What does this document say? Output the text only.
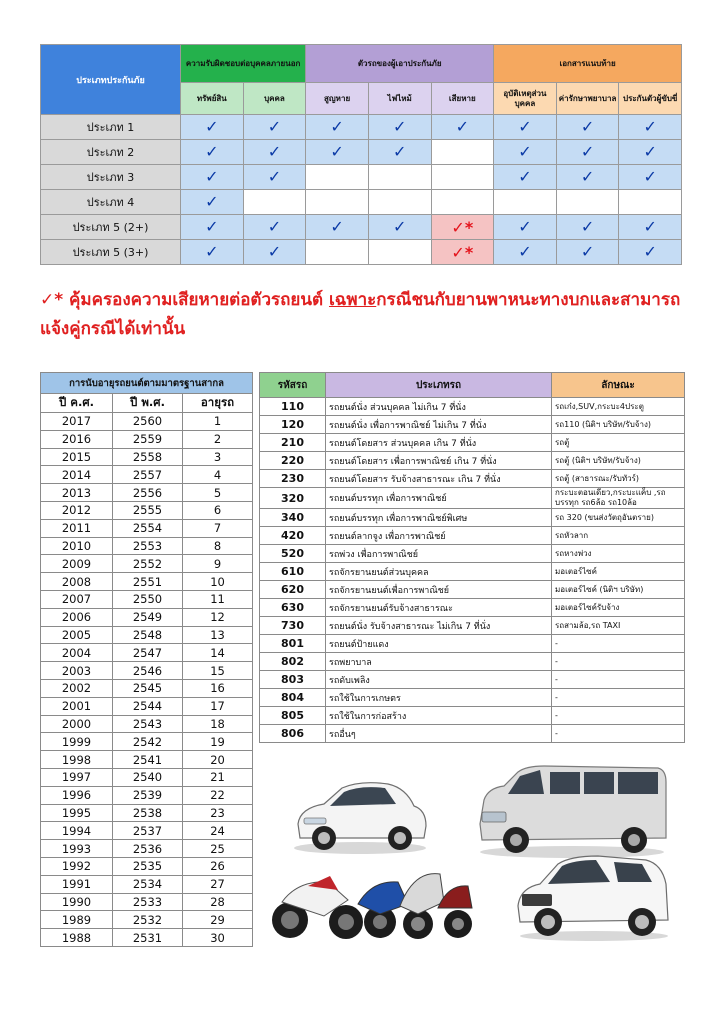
ประเภทประกันภัย	ความรับผิดชอบต่อบุคคลภายนอก		ตัวรถของผู้เอาประกันภัย			เอกสารแนบท้าย		
	ทรัพย์สิน	บุคคล	สูญหาย	ไฟไหม้	เสียหาย	อุบัติเหตุส่วนบุคคล	ค่ารักษาพยาบาล	ประกันตัวผู้ขับขี่
ประเภท 1	✓	✓	✓	✓	✓	✓	✓	✓
ประเภท 2	✓	✓	✓	✓		✓	✓	✓
ประเภท 3	✓	✓				✓	✓	✓
ประเภท 4	✓							
ประเภท 5 (2+)	✓	✓	✓	✓	✓*	✓	✓	✓
ประเภท 5 (3+)	✓	✓			✓*	✓	✓	✓
✓* คุ้มครองความเสียหายต่อตัวรถยนต์ เฉพาะกรณีชนกับยานพาหนะทางบกและสามารถแจ้งคู่กรณีได้เท่านั้น
การนับอายุรถยนต์ตามมาตรฐานสากล		
ปี ค.ศ.	ปี พ.ศ.	อายุรถ
2017	2560	1
2016	2559	2
2015	2558	3
2014	2557	4
2013	2556	5
2012	2555	6
2011	2554	7
2010	2553	8
2009	2552	9
2008	2551	10
2007	2550	11
2006	2549	12
2005	2548	13
2004	2547	14
2003	2546	15
2002	2545	16
2001	2544	17
2000	2543	18
1999	2542	19
1998	2541	20
1997	2540	21
1996	2539	22
1995	2538	23
1994	2537	24
1993	2536	25
1992	2535	26
1991	2534	27
1990	2533	28
1989	2532	29
1988	2531	30
รหัสรถ	ประเภทรถ	ลักษณะ
110	รถยนต์นั่ง ส่วนบุคคล ไม่เกิน 7 ที่นั่ง	รถเก๋ง,SUV,กระบะ4ประตู
120	รถยนต์นั่ง เพื่อการพาณิชย์ ไม่เกิน 7 ที่นั่ง	รถ110 (นิติฯ บริษัท/รับจ้าง)
210	รถยนต์โดยสาร ส่วนบุคคล เกิน 7 ที่นั่ง	รถตู้
220	รถยนต์โดยสาร เพื่อการพาณิชย์ เกิน 7 ที่นั่ง	รถตู้ (นิติฯ บริษัท/รับจ้าง)
230	รถยนต์โดยสาร รับจ้างสาธารณะ เกิน 7 ที่นั่ง	รถตู้ (สาธารณะ/รับทัวร์)
320	รถยนต์บรรทุก เพื่อการพาณิชย์	กระบะตอนเดียว,กระบะแค็บ ,รถบรรทุก รถ6ล้อ รถ10ล้อ
340	รถยนต์บรรทุก เพื่อการพาณิชย์พิเศษ	รถ 320 (ขนส่งวัตถุอันตราย)
420	รถยนต์ลากจูง เพื่อการพาณิชย์	รถหัวลาก
520	รถพ่วง เพื่อการพาณิชย์	รถหางพ่วง
610	รถจักรยานยนต์ส่วนบุคคล	มอเตอร์ไซค์
620	รถจักรยานยนต์เพื่อการพาณิชย์	มอเตอร์ไซค์ (นิติฯ บริษัท)
630	รถจักรยานยนต์รับจ้างสาธารณะ	มอเตอร์ไซค์รับจ้าง
730	รถยนต์นั่ง รับจ้างสาธารณะ ไม่เกิน 7 ที่นั่ง	รถสามล้อ,รถ TAXI
801	รถยนต์ป้ายแดง	-
802	รถพยาบาล	-
803	รถดับเพลิง	-
804	รถใช้ในการเกษตร	-
805	รถใช้ในการก่อสร้าง	-
806	รถอื่นๆ	-
